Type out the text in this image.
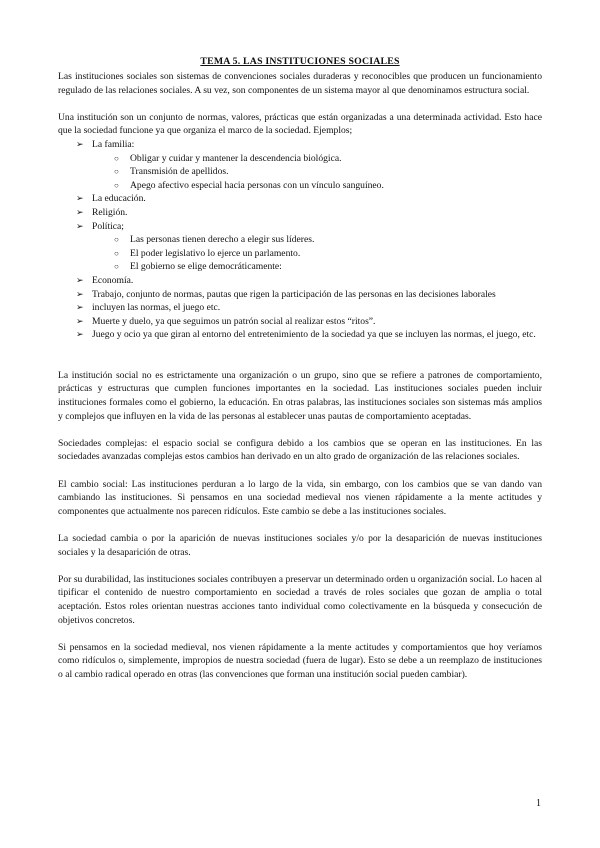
TEMA 5. LAS INSTITUCIONES SOCIALES

Las instituciones sociales son sistemas de convenciones sociales duraderas y reconocibles que producen un funcionamiento regulado de las relaciones sociales. A su vez, son componentes de un sistema mayor al que denominamos estructura social.

Una institución son un conjunto de normas, valores, prácticas que están organizadas a una determinada actividad. Esto hace que la sociedad funcione ya que organiza el marco de la sociedad. Ejemplos;

➢ La familia:
○ Obligar y cuidar y mantener la descendencia biológica.
○ Transmisión de apellidos.
○ Apego afectivo especial hacia personas con un vínculo sanguíneo.
➢ La educación.
➢ Religión.
➢ Política;
○ Las personas tienen derecho a elegir sus líderes.
○ El poder legislativo lo ejerce un parlamento.
○ El gobierno se elige democráticamente:
➢ Economía.
➢ Trabajo, conjunto de normas, pautas que rigen la participación de las personas en las decisiones laborales
➢ incluyen las normas, el juego etc.
➢ Muerte y duelo, ya que seguimos un patrón social al realizar estos “ritos”.
➢ Juego y ocio ya que giran al entorno del entretenimiento de la sociedad ya que se incluyen las normas, el juego, etc.

La institución social no es estrictamente una organización o un grupo, sino que se refiere a patrones de comportamiento, prácticas y estructuras que cumplen funciones importantes en la sociedad. Las instituciones sociales pueden incluir instituciones formales como el gobierno, la educación. En otras palabras, las instituciones sociales son sistemas más amplios y complejos que influyen en la vida de las personas al establecer unas pautas de comportamiento aceptadas.

Sociedades complejas: el espacio social se configura debido a los cambios que se operan en las instituciones. En las sociedades avanzadas complejas estos cambios han derivado en un alto grado de organización de las relaciones sociales.

El cambio social: Las instituciones perduran a lo largo de la vida, sin embargo, con los cambios que se van dando van cambiando las instituciones. Si pensamos en una sociedad medieval nos vienen rápidamente a la mente actitudes y componentes que actualmente nos parecen ridículos. Este cambio se debe a las instituciones sociales.

La sociedad cambia o por la aparición de nuevas instituciones sociales y/o por la desaparición de nuevas instituciones sociales y la desaparición de otras.

Por su durabilidad, las instituciones sociales contribuyen a preservar un determinado orden u organización social. Lo hacen al tipificar el contenido de nuestro comportamiento en sociedad a través de roles sociales que gozan de amplia o total aceptación. Estos roles orientan nuestras acciones tanto individual como colectivamente en la búsqueda y consecución de objetivos concretos.

Si pensamos en la sociedad medieval, nos vienen rápidamente a la mente actitudes y comportamientos que hoy veríamos como ridículos o, simplemente, impropios de nuestra sociedad (fuera de lugar). Esto se debe a un reemplazo de instituciones o al cambio radical operado en otras (las convenciones que forman una institución social pueden cambiar).

1
